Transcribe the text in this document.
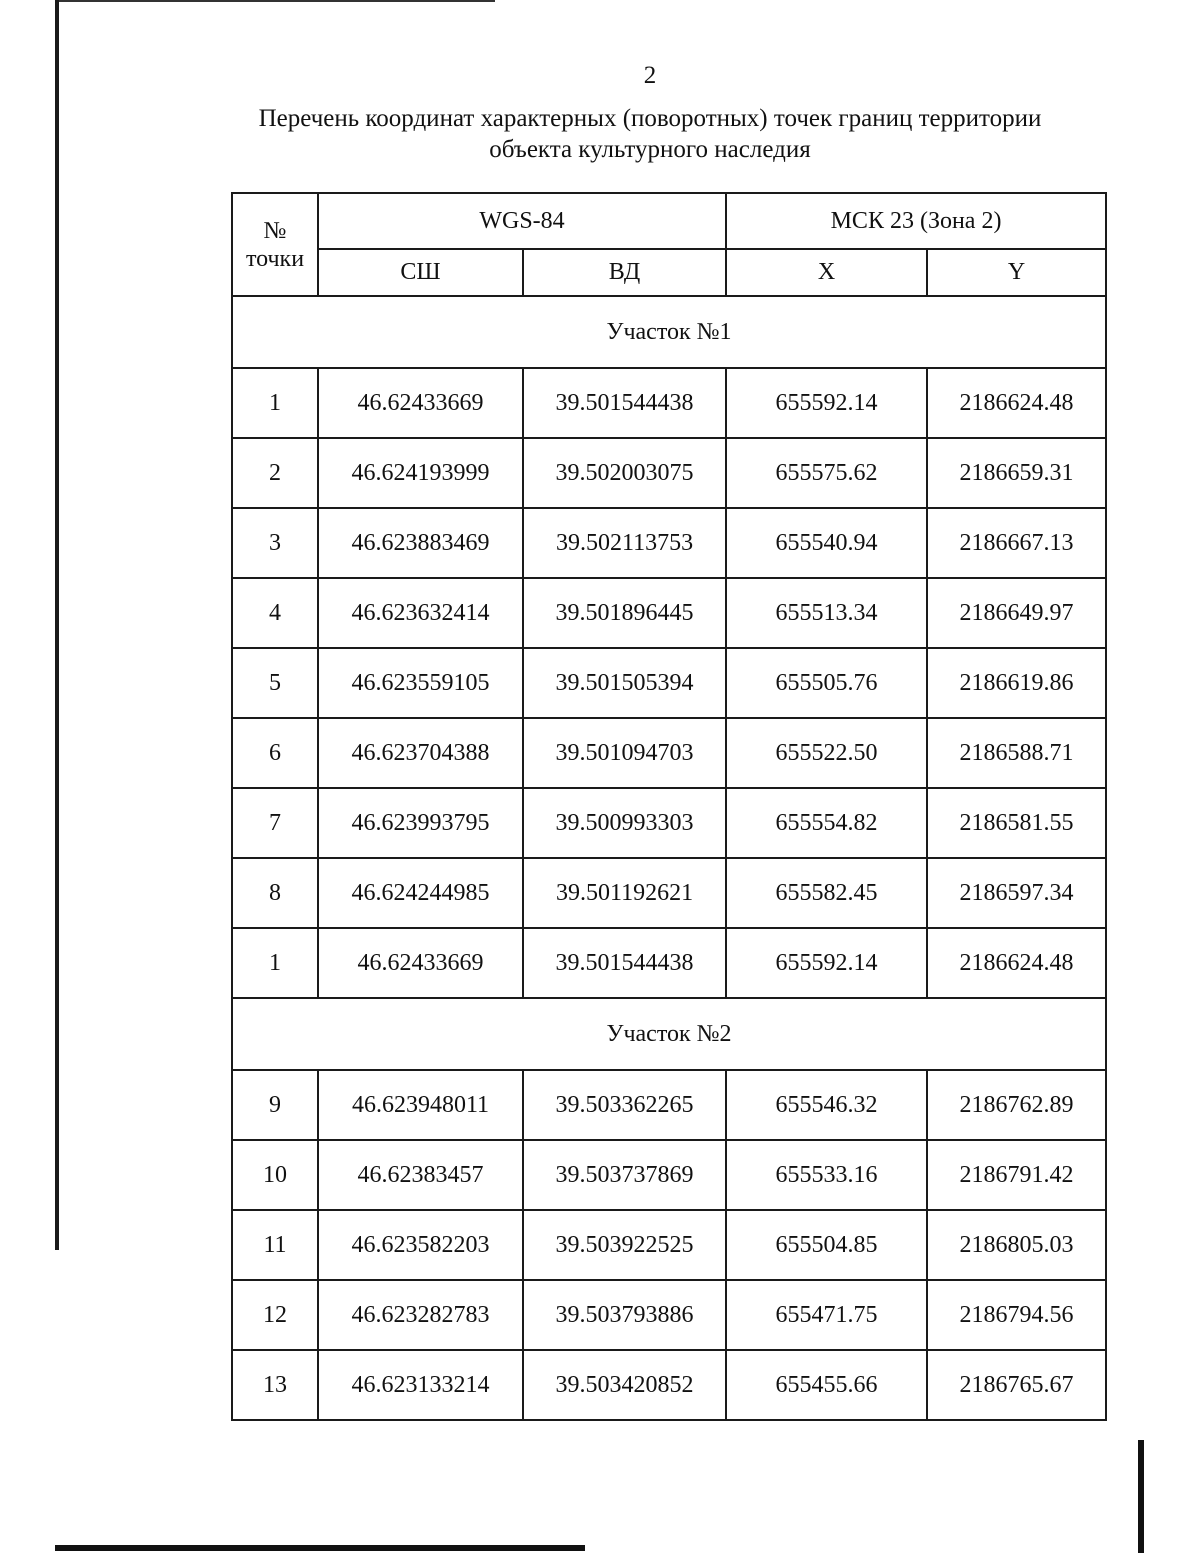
2
Перечень координат характерных (поворотных) точек границ территории
объекта культурного наследия
№
точки	WGS-84		МСК 23 (Зона 2)	
	СШ	ВД	X	Y
Участок №1				
1	46.62433669	39.501544438	655592.14	2186624.48
2	46.624193999	39.502003075	655575.62	2186659.31
3	46.623883469	39.502113753	655540.94	2186667.13
4	46.623632414	39.501896445	655513.34	2186649.97
5	46.623559105	39.501505394	655505.76	2186619.86
6	46.623704388	39.501094703	655522.50	2186588.71
7	46.623993795	39.500993303	655554.82	2186581.55
8	46.624244985	39.501192621	655582.45	2186597.34
1	46.62433669	39.501544438	655592.14	2186624.48
Участок №2				
9	46.623948011	39.503362265	655546.32	2186762.89
10	46.62383457	39.503737869	655533.16	2186791.42
11	46.623582203	39.503922525	655504.85	2186805.03
12	46.623282783	39.503793886	655471.75	2186794.56
13	46.623133214	39.503420852	655455.66	2186765.67
